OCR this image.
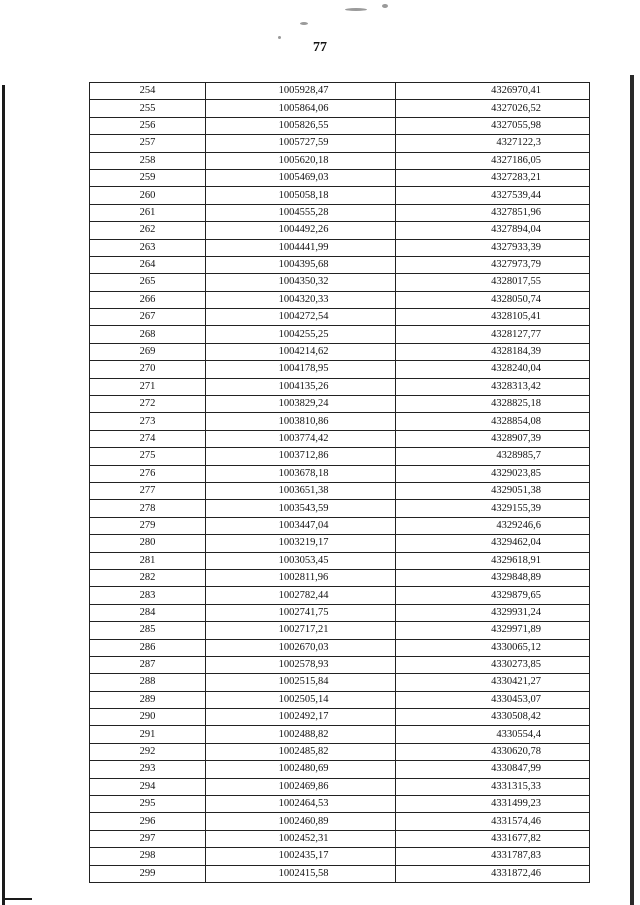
77
254	1005928,47	4326970,41
255	1005864,06	4327026,52
256	1005826,55	4327055,98
257	1005727,59	4327122,3
258	1005620,18	4327186,05
259	1005469,03	4327283,21
260	1005058,18	4327539,44
261	1004555,28	4327851,96
262	1004492,26	4327894,04
263	1004441,99	4327933,39
264	1004395,68	4327973,79
265	1004350,32	4328017,55
266	1004320,33	4328050,74
267	1004272,54	4328105,41
268	1004255,25	4328127,77
269	1004214,62	4328184,39
270	1004178,95	4328240,04
271	1004135,26	4328313,42
272	1003829,24	4328825,18
273	1003810,86	4328854,08
274	1003774,42	4328907,39
275	1003712,86	4328985,7
276	1003678,18	4329023,85
277	1003651,38	4329051,38
278	1003543,59	4329155,39
279	1003447,04	4329246,6
280	1003219,17	4329462,04
281	1003053,45	4329618,91
282	1002811,96	4329848,89
283	1002782,44	4329879,65
284	1002741,75	4329931,24
285	1002717,21	4329971,89
286	1002670,03	4330065,12
287	1002578,93	4330273,85
288	1002515,84	4330421,27
289	1002505,14	4330453,07
290	1002492,17	4330508,42
291	1002488,82	4330554,4
292	1002485,82	4330620,78
293	1002480,69	4330847,99
294	1002469,86	4331315,33
295	1002464,53	4331499,23
296	1002460,89	4331574,46
297	1002452,31	4331677,82
298	1002435,17	4331787,83
299	1002415,58	4331872,46
